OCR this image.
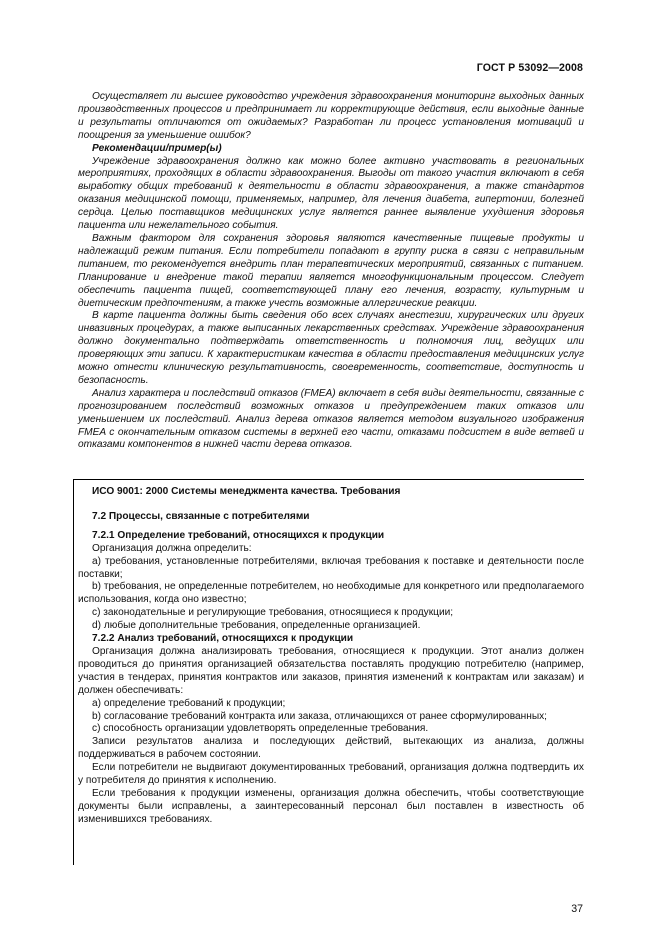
ГОСТ Р 53092—2008

Осуществляет ли высшее руководство учреждения здравоохранения мониторинг выходных данных производственных процессов и предпринимает ли корректирующие действия, если выходные данные и результаты отличаются от ожидаемых? Разработан ли процесс установления мотиваций и поощрения за уменьшение ошибок?

Рекомендации/пример(ы)

Учреждение здравоохранения должно как можно более активно участвовать в региональных мероприятиях, проходящих в области здравоохранения. Выгоды от такого участия включают в себя выработку общих требований к деятельности в области здравоохранения, а также стандартов оказания медицинской помощи, применяемых, например, для лечения диабета, гипертонии, болезней сердца. Целью поставщиков медицинских услуг является раннее выявление ухудшения здоровья пациента или нежелательного события.

Важным фактором для сохранения здоровья являются качественные пищевые продукты и надлежащий режим питания. Если потребители попадают в группу риска в связи с неправильным питанием, то рекомендуется внедрить план терапевтических мероприятий, связанных с питанием. Планирование и внедрение такой терапии является многофункциональным процессом. Следует обеспечить пациента пищей, соответствующей плану его лечения, возрасту, культурным и диетическим предпочтениям, а также учесть возможные аллергические реакции.

В карте пациента должны быть сведения обо всех случаях анестезии, хирургических или других инвазивных процедурах, а также выписанных лекарственных средствах. Учреждение здравоохранения должно документально подтверждать ответственность и полномочия лиц, ведущих или проверяющих эти записи. К характеристикам качества в области предоставления медицинских услуг можно отнести клиническую результативность, своевременность, соответствие, доступность и безопасность.

Анализ характера и последствий отказов (FMEA) включает в себя виды деятельности, связанные с прогнозированием последствий возможных отказов и предупреждением таких отказов или уменьшением их последствий. Анализ дерева отказов является методом визуального изображения FMEA с окончательным отказом системы в верхней его части, отказами подсистем в виде ветвей и отказами компонентов в нижней части дерева отказов.

ИСО 9001: 2000 Системы менеджмента качества. Требования

7.2 Процессы, связанные с потребителями

7.2.1 Определение требований, относящихся к продукции

Организация должна определить:

а) требования, установленные потребителями, включая требования к поставке и деятельности после поставки;

b) требования, не определенные потребителем, но необходимые для конкретного или предполагаемого использования, когда оно известно;

с) законодательные и регулирующие требования, относящиеся к продукции;

d) любые дополнительные требования, определенные организацией.

7.2.2 Анализ требований, относящихся к продукции

Организация должна анализировать требования, относящиеся к продукции. Этот анализ должен проводиться до принятия организацией обязательства поставлять продукцию потребителю (например, участия в тендерах, принятия контрактов или заказов, принятия изменений к контрактам или заказам) и должен обеспечивать:

а) определение требований к продукции;

b) согласование требований контракта или заказа, отличающихся от ранее сформулированных;

с) способность организации удовлетворять определенные требования.

Записи результатов анализа и последующих действий, вытекающих из анализа, должны поддерживаться в рабочем состоянии.

Если потребители не выдвигают документированных требований, организация должна подтвердить их у потребителя до принятия к исполнению.

Если требования к продукции изменены, организация должна обеспечить, чтобы соответствующие документы были исправлены, а заинтересованный персонал был поставлен в известность об изменившихся требованиях.

37
